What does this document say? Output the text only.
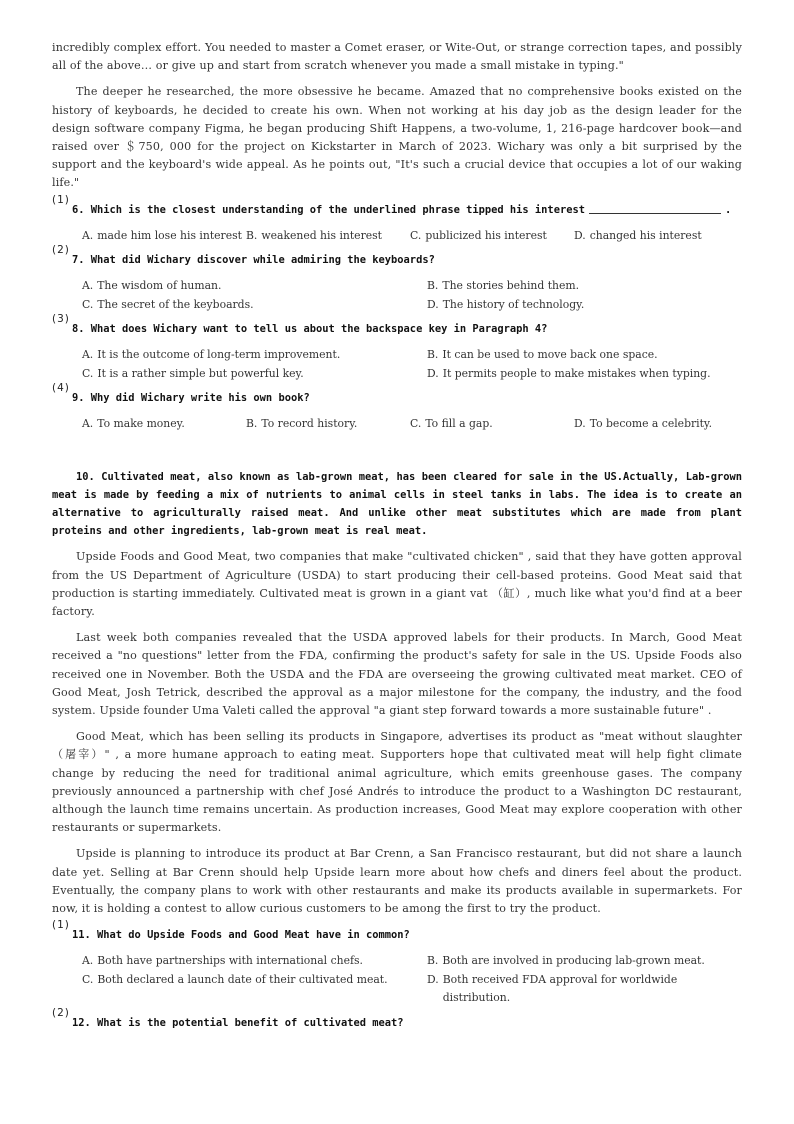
incredibly complex effort. You needed to master a Comet eraser, or Wite-Out, or strange correction tapes, and possibly all of the above… or give up and start from scratch whenever you made a small mistake in typing."

The deeper he researched, the more obsessive he became. Amazed that no comprehensive books existed on the history of keyboards, he decided to create his own. When not working at his day job as the design leader for the design software company Figma, he began producing Shift Happens, a two-volume, 1, 216-page hardcover book—and raised over ＄750, 000 for the project on Kickstarter in March of 2023. Wichary was only a bit surprised by the support and the keyboard's wide appeal. As he points out, "It's such a crucial device that occupies a lot of our waking life."

(1)
6. Which is the closest understanding of the underlined phrase tipped his interest	.
A. made him lose his interest B. weakened his interest	C. publicized his interest	D. changed his interest
(2)
7. What did Wichary discover while admiring the keyboards?
A. The wisdom of human.	B. The stories behind them.
C. The secret of the keyboards.	D. The history of technology.
(3)
8. What does Wichary want to tell us about the backspace key in Paragraph 4?
A. It is the outcome of long-term improvement.	B. It can be used to move back one space.
C. It is a rather simple but powerful key.	D. It permits people to make mistakes when typing.
(4)
9. Why did Wichary write his own book?
A. To make money.	B. To record history.	C. To fill a gap.	D. To become a celebrity.

10. Cultivated meat, also known as lab-grown meat, has been cleared for sale in the US.Actually, Lab-grown meat is made by feeding a mix of nutrients to animal cells in steel tanks in labs. The idea is to create an alternative to agriculturally raised meat. And unlike other meat substitutes which are made from plant proteins and other ingredients, lab-grown meat is real meat.

Upside Foods and Good Meat, two companies that make "cultivated chicken" , said that they have gotten approval from the US Department of Agriculture (USDA) to start producing their cell-based proteins. Good Meat said that production is starting immediately. Cultivated meat is grown in a giant vat （缸）, much like what you'd find at a beer factory.

Last week both companies revealed that the USDA approved labels for their products. In March, Good Meat received a "no questions" letter from the FDA, confirming the product's safety for sale in the US. Upside Foods also received one in November. Both the USDA and the FDA are overseeing the growing cultivated meat market. CEO of Good Meat, Josh Tetrick, described the approval as a major milestone for the company, the industry, and the food system. Upside founder Uma Valeti called the approval "a giant step forward towards a more sustainable future" .

Good Meat, which has been selling its products in Singapore, advertises its product as "meat without slaughter （屠宰）" , a more humane approach to eating meat. Supporters hope that cultivated meat will help fight climate change by reducing the need for traditional animal agriculture, which emits greenhouse gases. The company previously announced a partnership with chef José Andrés to introduce the product to a Washington DC restaurant, although the launch time remains uncertain. As production increases, Good Meat may explore cooperation with other restaurants or supermarkets.

Upside is planning to introduce its product at Bar Crenn, a San Francisco restaurant, but did not share a launch date yet. Selling at Bar Crenn should help Upside learn more about how chefs and diners feel about the product. Eventually, the company plans to work with other restaurants and make its products available in supermarkets. For now, it is holding a contest to allow curious customers to be among the first to try the product.

(1)
11. What do Upside Foods and Good Meat have in common?
A. Both have partnerships with international chefs.	B. Both are involved in producing lab-grown meat.
C. Both declared a launch date of their cultivated meat.	D. Both received FDA approval for worldwide distribution.
(2)
12. What is the potential benefit of cultivated meat?
